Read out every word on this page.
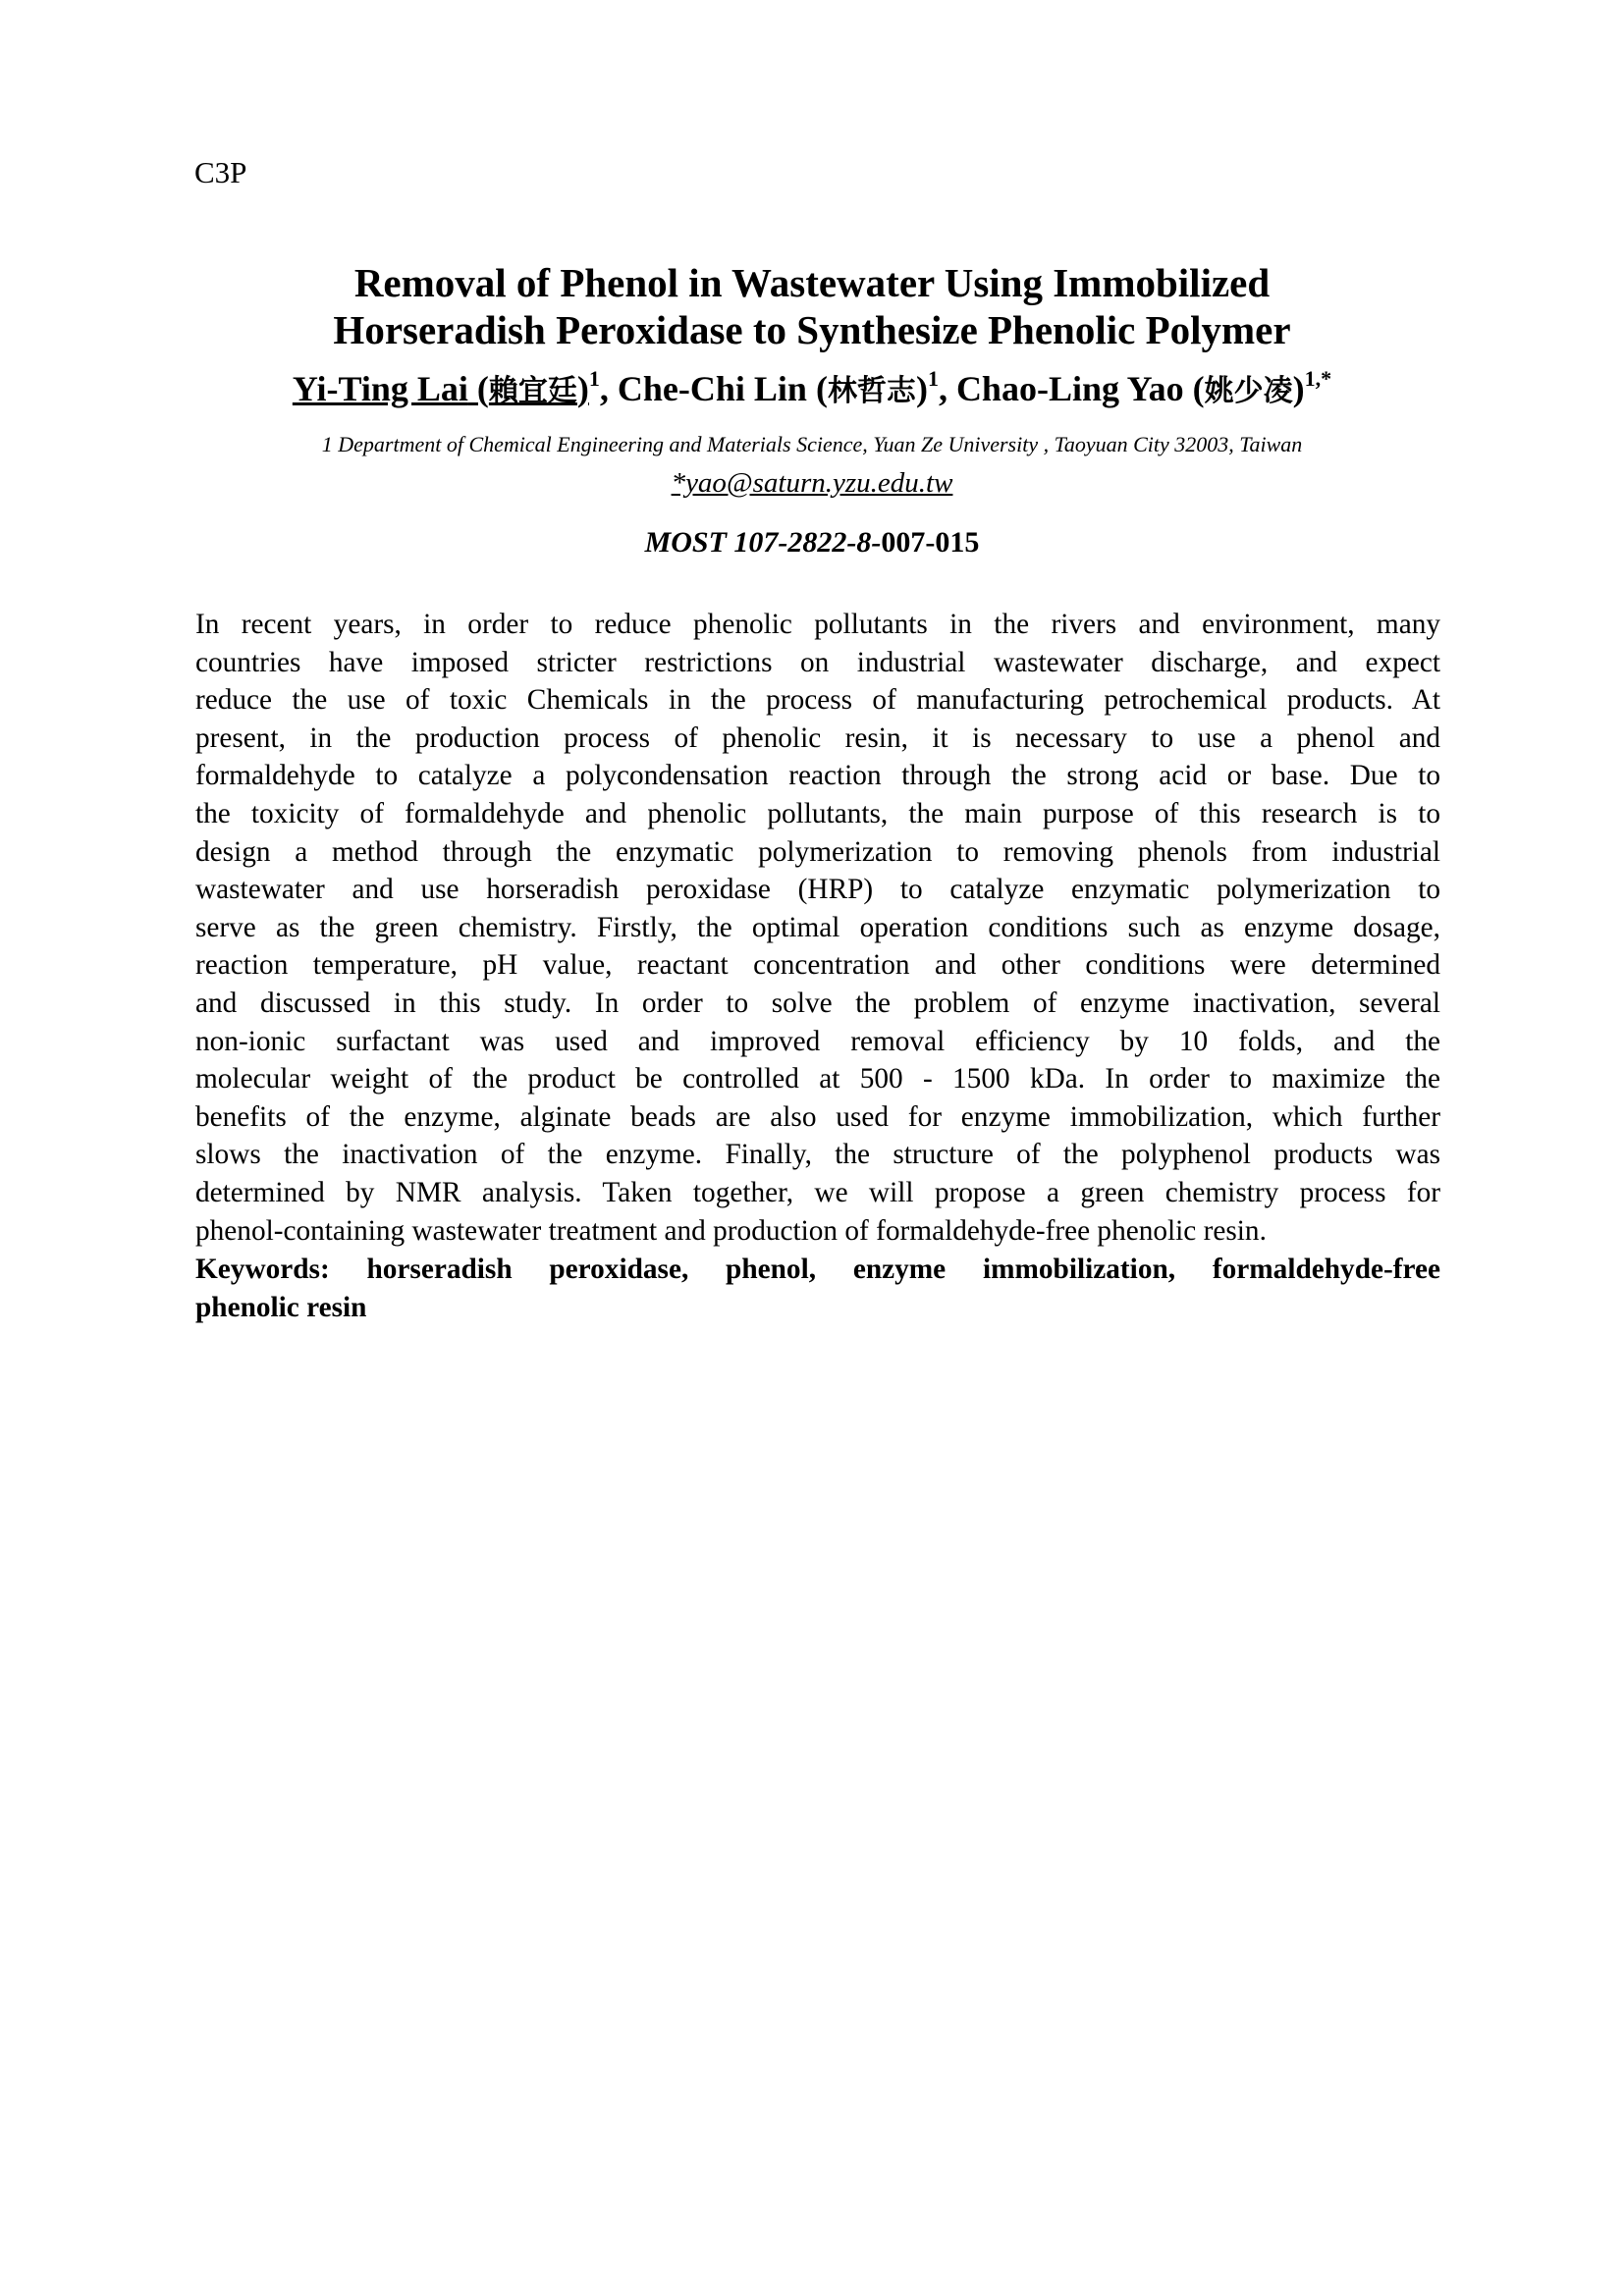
C3P
Removal of Phenol in Wastewater Using Immobilized
Horseradish Peroxidase to Synthesize Phenolic Polymer
Yi-Ting Lai (賴宜廷)$^1$, Che-Chi Lin (林哲志)$^1$, Chao-Ling Yao (姚少凌)$^{1,*}$
1 Department of Chemical Engineering and Materials Science, Yuan Ze University , Taoyuan City 32003, Taiwan
*yao@saturn.yzu.edu.tw
MOST 107-2822-8-007-015
In recent years, in order to reduce phenolic pollutants in the rivers and environment, many
countries have imposed stricter restrictions on industrial wastewater discharge, and expect
reduce the use of toxic Chemicals in the process of manufacturing petrochemical products. At
present, in the production process of phenolic resin, it is necessary to use a phenol and
formaldehyde to catalyze a polycondensation reaction through the strong acid or base. Due to
the toxicity of formaldehyde and phenolic pollutants, the main purpose of this research is to
design a method through the enzymatic polymerization to removing phenols from industrial
wastewater and use horseradish peroxidase (HRP) to catalyze enzymatic polymerization to
serve as the green chemistry. Firstly, the optimal operation conditions such as enzyme dosage,
reaction temperature, pH value, reactant concentration and other conditions were determined
and discussed in this study. In order to solve the problem of enzyme inactivation, several
non-ionic surfactant was used and improved removal efficiency by 10 folds, and the
molecular weight of the product be controlled at 500 - 1500 kDa. In order to maximize the
benefits of the enzyme, alginate beads are also used for enzyme immobilization, which further
slows the inactivation of the enzyme. Finally, the structure of the polyphenol products was
determined by NMR analysis. Taken together, we will propose a green chemistry process for
phenol-containing wastewater treatment and production of formaldehyde-free phenolic resin.
Keywords: horseradish peroxidase, phenol, enzyme immobilization, formaldehyde-free
phenolic resin
